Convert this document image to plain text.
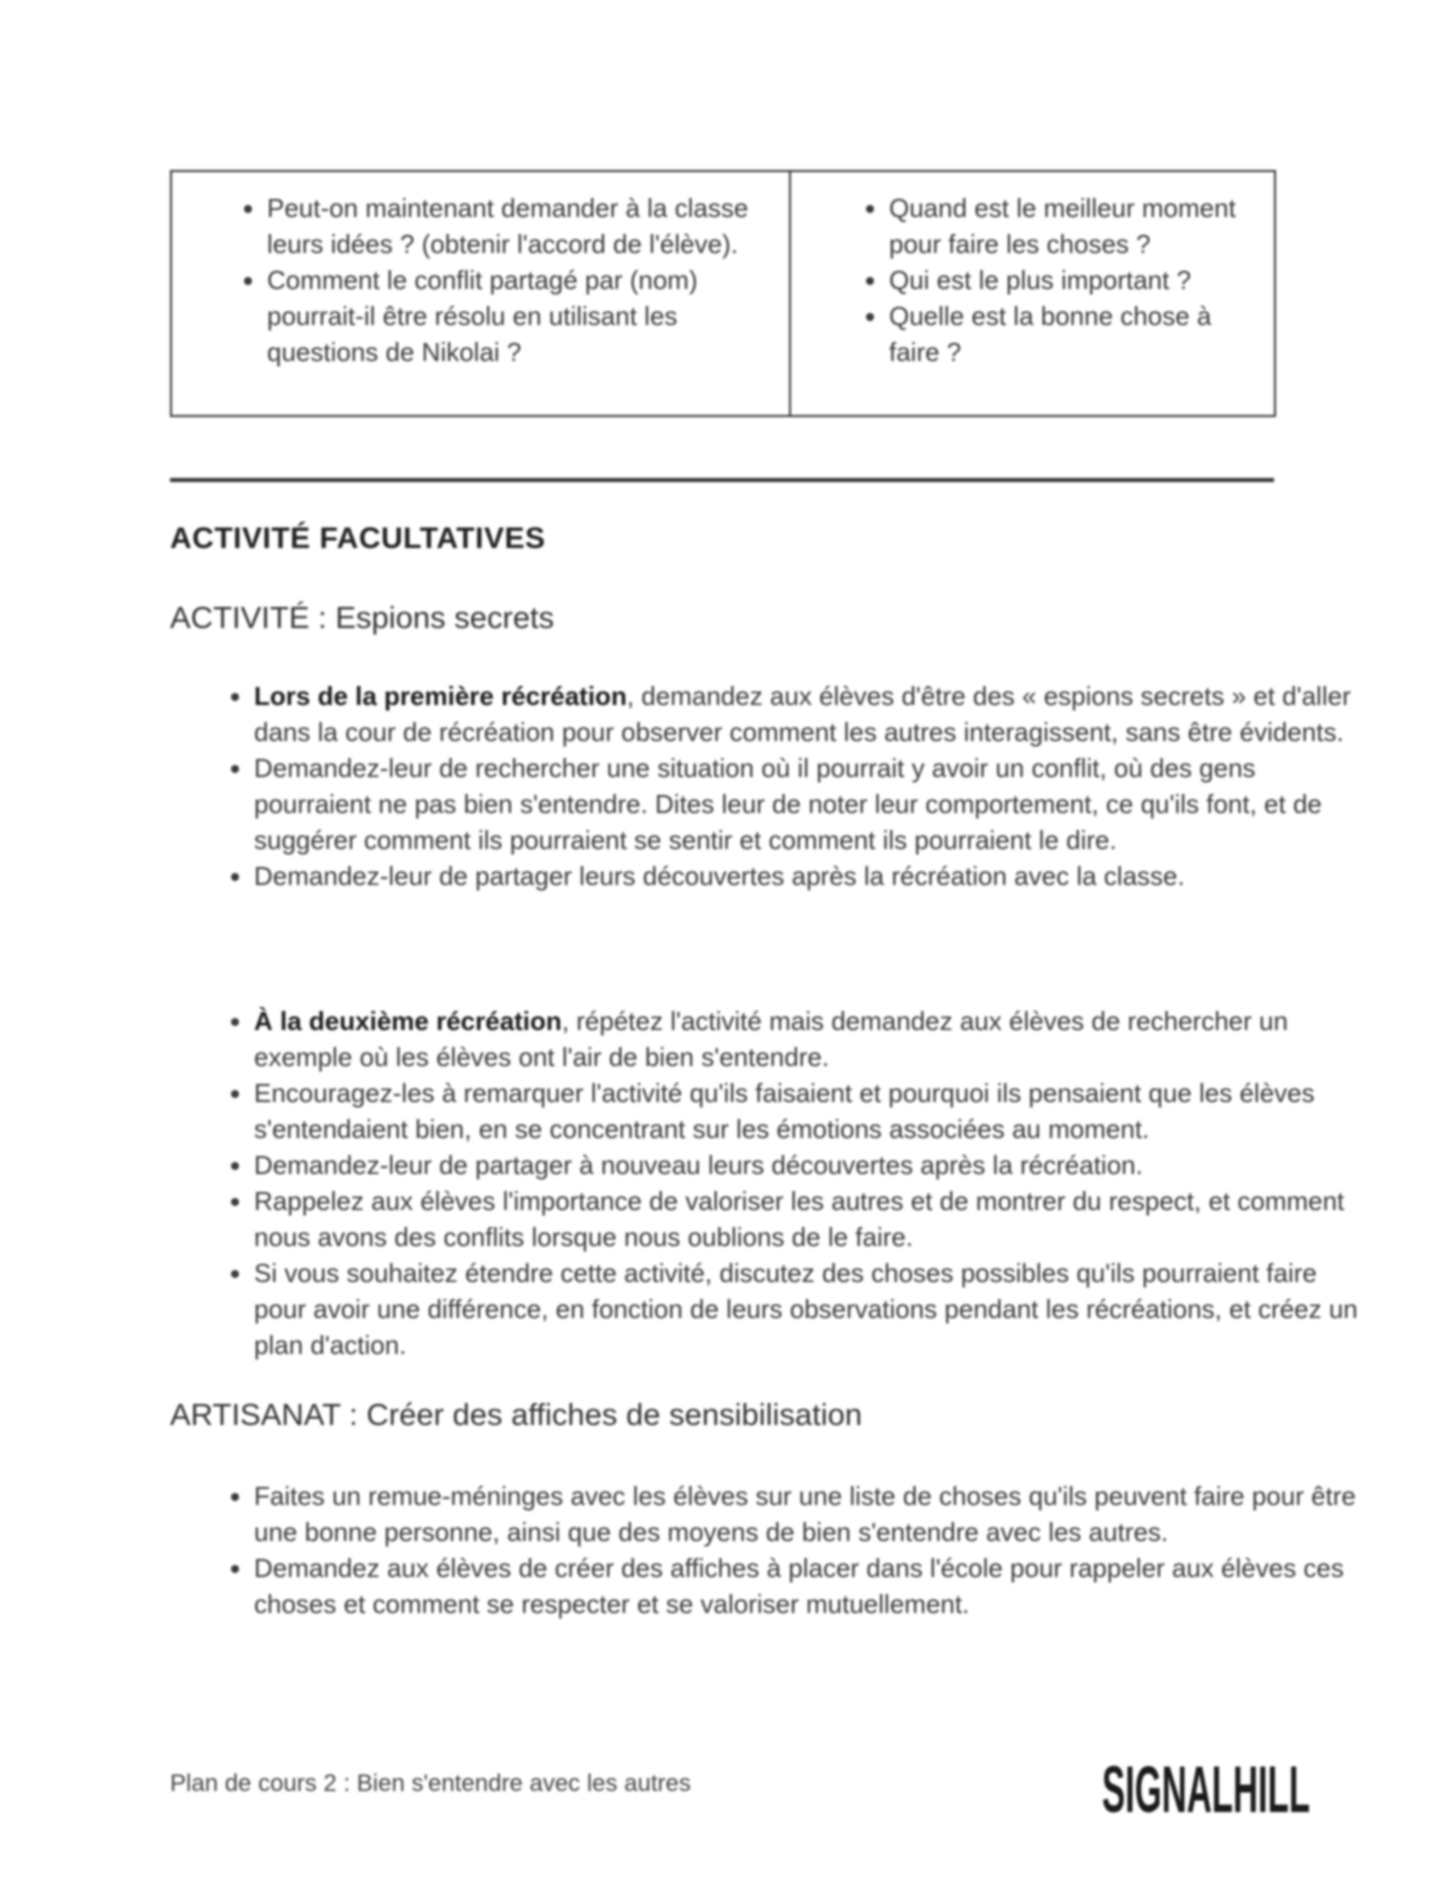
• Peut-on maintenant demander à la classe leurs idées ? (obtenir l'accord de l'élève).
• Comment le conflit partagé par (nom) pourrait-il être résolu en utilisant les questions de Nikolai ?
• Quand est le meilleur moment pour faire les choses ?
• Qui est le plus important ?
• Quelle est la bonne chose à faire ?
ACTIVITÉ FACULTATIVES
ACTIVITÉ : Espions secrets
• Lors de la première récréation, demandez aux élèves d'être des « espions secrets » et d'aller dans la cour de récréation pour observer comment les autres interagissent, sans être évidents.
• Demandez-leur de rechercher une situation où il pourrait y avoir un conflit, où des gens pourraient ne pas bien s'entendre. Dites leur de noter leur comportement, ce qu'ils font, et de suggérer comment ils pourraient se sentir et comment ils pourraient le dire.
• Demandez-leur de partager leurs découvertes après la récréation avec la classe.
• À la deuxième récréation, répétez l'activité mais demandez aux élèves de rechercher un exemple où les élèves ont l'air de bien s'entendre.
• Encouragez-les à remarquer l'activité qu'ils faisaient et pourquoi ils pensaient que les élèves s'entendaient bien, en se concentrant sur les émotions associées au moment.
• Demandez-leur de partager à nouveau leurs découvertes après la récréation.
• Rappelez aux élèves l'importance de valoriser les autres et de montrer du respect, et comment nous avons des conflits lorsque nous oublions de le faire.
• Si vous souhaitez étendre cette activité, discutez des choses possibles qu'ils pourraient faire pour avoir une différence, en fonction de leurs observations pendant les récréations, et créez un plan d'action.
ARTISANAT : Créer des affiches de sensibilisation
• Faites un remue-méninges avec les élèves sur une liste de choses qu'ils peuvent faire pour être une bonne personne, ainsi que des moyens de bien s'entendre avec les autres.
• Demandez aux élèves de créer des affiches à placer dans l'école pour rappeler aux élèves ces choses et comment se respecter et se valoriser mutuellement.
Plan de cours 2 : Bien s'entendre avec les autres	SIGNALHILL
